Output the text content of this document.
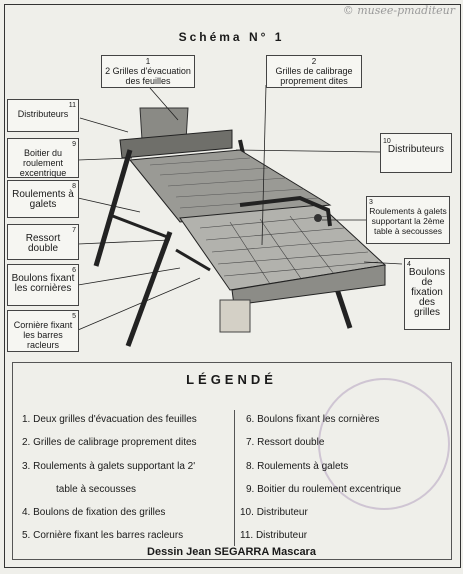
© musee-pmaditeur
Schéma N° 1
1
2 Grilles d'évacuation des feuilles
2
Grilles de calibrage proprement dites
11
Distributeurs
10
Distributeurs
9
Boitier du roulement excentrique
8
Roulements à galets	3
Roulements à galets supportant la 2ème table à secousses
7
Ressort double
6
Boulons fixant les cornières
4
Boulons de fixation des grilles
5
Cornière fixant les barres racleurs
LÉGENDÉ
1. Deux grilles d'évacuation des feuilles
2. Grilles de calibrage proprement dites
3. Roulements à galets supportant la 2'
table à secousses
4. Boulons de fixation des grilles
5. Cornière fixant les barres racleurs
6. Boulons fixant les cornières
7. Ressort double
8. Roulements à galets
9. Boitier du roulement excentrique
10. Distributeur
11. Distributeur
Dessin Jean SEGARRA Mascara
